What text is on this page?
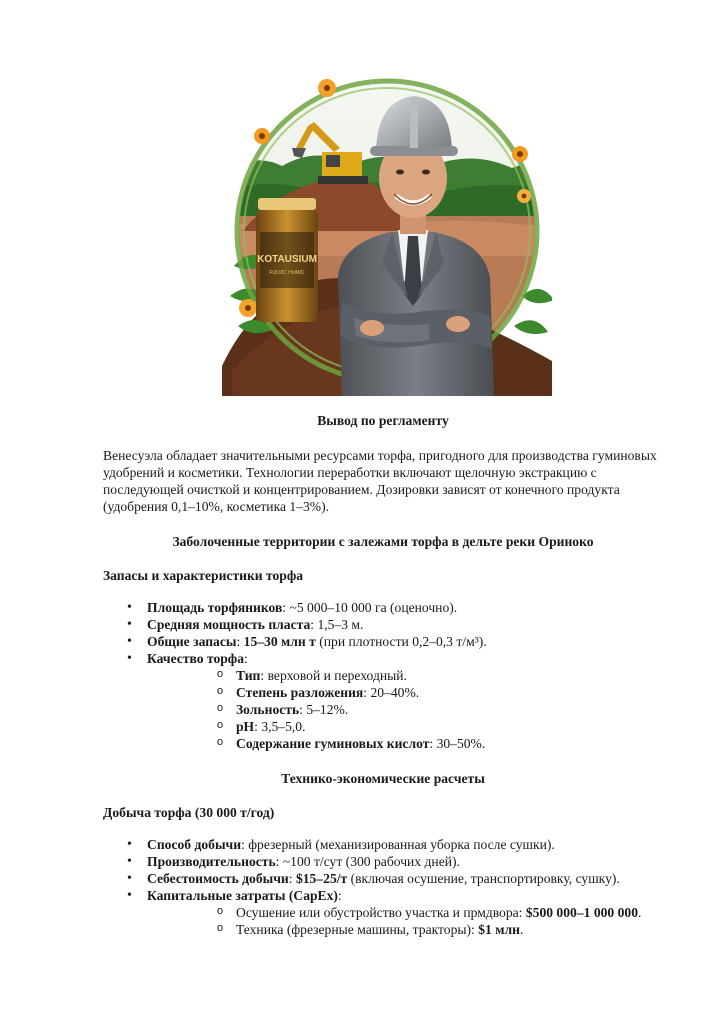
KOTAUSIUM
FULVIC HUMIC

Вывод по регламенту

Венесуэла обладает значительными ресурсами торфа, пригодного для производства гуминовых удобрений и косметики. Технологии переработки включают щелочную экстракцию с последующей очисткой и концентрированием. Дозировки зависят от конечного продукта (удобрения 0,1–10%, косметика 1–3%).

Заболоченные территории с залежами торфа в дельте реки Ориноко

Запасы и характеристики торфа

• Площадь торфяников: ~5 000–10 000 га (оценочно).
• Средняя мощность пласта: 1,5–3 м.
• Общие запасы: 15–30 млн т (при плотности 0,2–0,3 т/м³).
• Качество торфа:
o Тип: верховой и переходный.
o Степень разложения: 20–40%.
o Зольность: 5–12%.
o pH: 3,5–5,0.
o Содержание гуминовых кислот: 30–50%.

Технико-экономические расчеты

Добыча торфа (30 000 т/год)

• Способ добычи: фрезерный (механизированная уборка после сушки).
• Производительность: ~100 т/сут (300 рабочих дней).
• Себестоимость добычи: $15–25/т (включая осушение, транспортировку, сушку).
• Капитальные затраты (CapEx):
o Осушение или обустройство участка и прмдвора: $500 000–1 000 000.
o Техника (фрезерные машины, тракторы): $1 млн.
